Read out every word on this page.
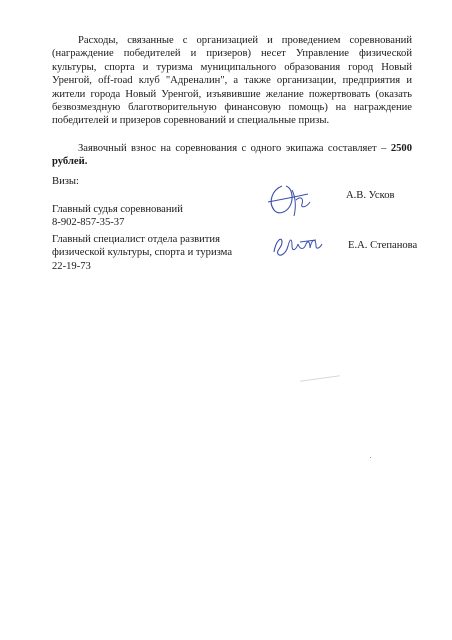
Расходы, связанные с организацией и проведением соревнований (награждение победителей и призеров) несет Управление физической культуры, спорта и туризма муниципального образования город Новый Уренгой, off-road клуб "Адреналин", а также организации, предприятия и жители города Новый Уренгой, изъявившие желание пожертвовать (оказать безвозмездную благотворительную финансовую помощь) на награждение победителей и призеров соревнований и специальные призы.

Заявочный взнос на соревнования с одного экипажа составляет – 2500 рублей.

Визы:
Главный судья соревнований
8-902-857-35-37
А.В. Усков
Главный специалист отдела развития
физической культуры, спорта и туризма
22-19-73
Е.А. Степанова
